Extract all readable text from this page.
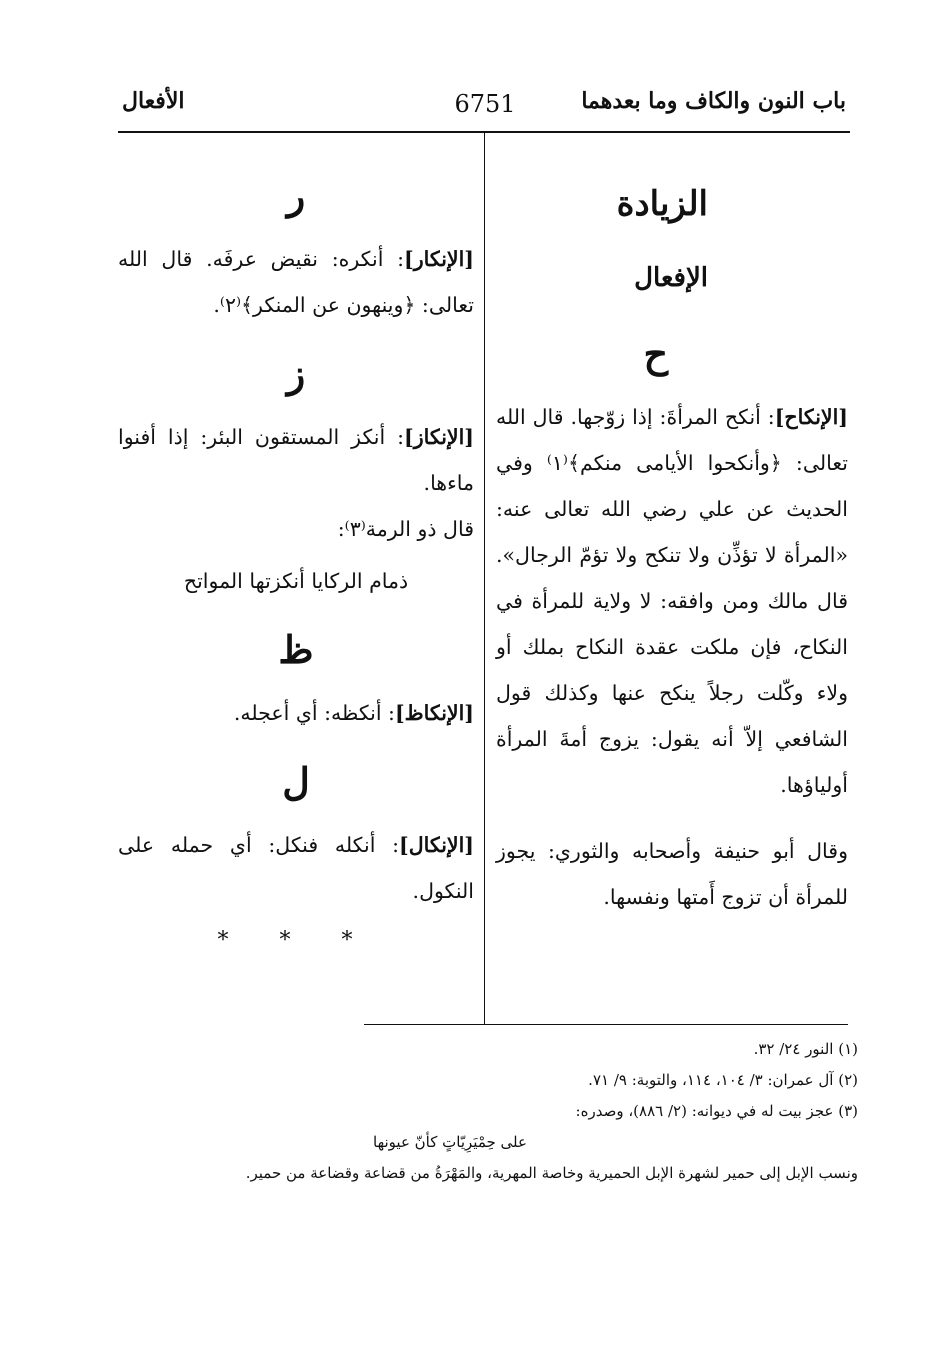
باب النون والكاف وما بعدهما
6751
الأفعال
الزيادة
الإفعال
ح
[الإنكاح]: أنكح المرأةَ: إذا زوّجها. قال الله تعالى: ﴿وأنكحوا الأيامى منكم﴾⁽١⁾ وفي الحديث عن علي رضي الله تعالى عنه: «المرأة لا تؤذِّن ولا تنكح ولا تؤمّ الرجال». قال مالك ومن وافقه: لا ولاية للمرأة في النكاح، فإن ملكت عقدة النكاح بملك أو ولاء وكّلت رجلاً ينكح عنها وكذلك قول الشافعي إلاّ أنه يقول: يزوج أمةَ المرأة أولياؤها.
وقال أبو حنيفة وأصحابه والثوري: يجوز للمرأة أن تزوج أَمتها ونفسها.
ر
[الإنكار]: أنكره: نقيض عرفَه. قال الله تعالى: ﴿وينهون عن المنكر﴾⁽٢⁾.
ز
[الإنكاز]: أنكز المستقون البئر: إذا أفنوا ماءها.
قال ذو الرمة⁽٣⁾:
ذمام الركايا أنكزتها المواتح
ظ
[الإنكاظ]: أنكظه: أي أعجله.
ل
[الإنكال]: أنكله فنكل: أي حمله على النكول.
* * *
(١) النور ٢٤/ ٣٢.
(٢) آل عمران: ٣/ ١٠٤، ١١٤، والتوبة: ٩/ ٧١.
(٣) عجز بيت له في ديوانه: (٢/ ٨٨٦)، وصدره:
على حِمْيَرِيّاتٍ كأنّ عيونها
ونسب الإبل إلى حمير لشهرة الإبل الحميرية وخاصة المهرية، والمَهْرَةُ من قضاعة وقضاعة من حمير.
